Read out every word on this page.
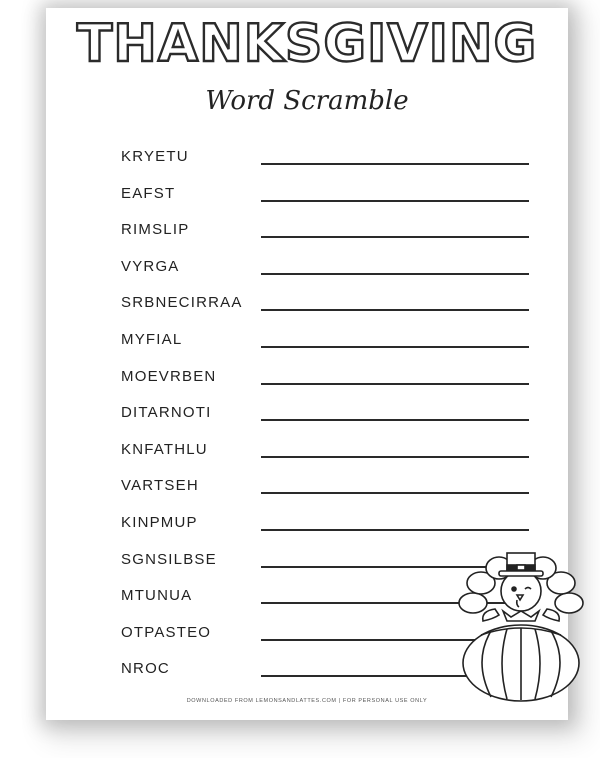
THANKSGIVING
Word Scramble
KRYETU
EAFST
RIMSLIP
VYRGA
SRBNECIRRAA
MYFIAL
MOEVRBEN
DITARNOTI
KNFATHLU
VARTSEH
KINPMUP
SGNSILBSE
MTUNUA
OTPASTEO
NROC
DOWNLOADED FROM LEMONSANDLATTES.COM | FOR PERSONAL USE ONLY
